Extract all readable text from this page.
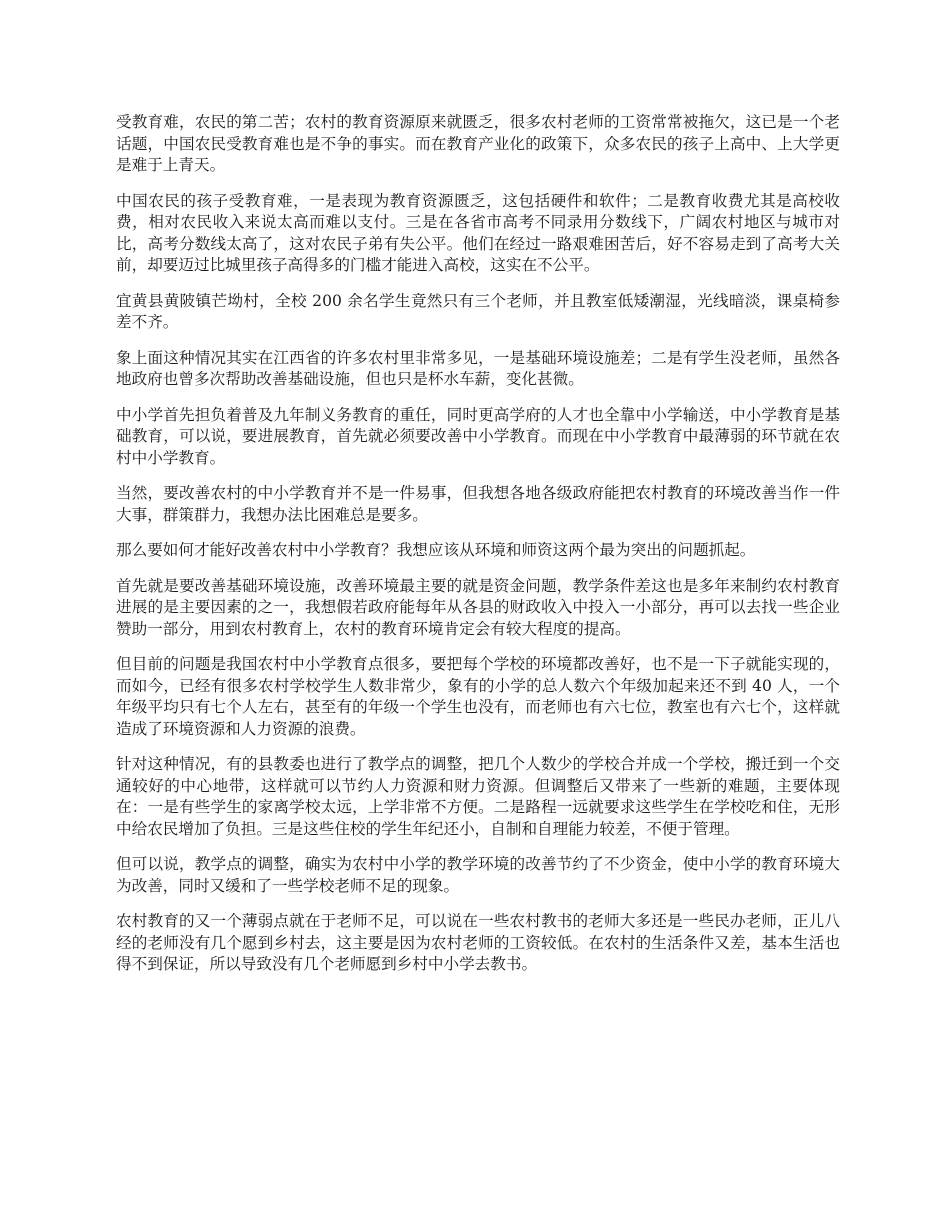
受教育难，农民的第二苦；农村的教育资源原来就匮乏，很多农村老师的工资常常被拖欠，这已是一个老话题，中国农民受教育难也是不争的事实。而在教育产业化的政策下，众多农民的孩子上高中、上大学更是难于上青天。

中国农民的孩子受教育难，一是表现为教育资源匮乏，这包括硬件和软件；二是教育收费尤其是高校收费，相对农民收入来说太高而难以支付。三是在各省市高考不同录用分数线下，广阔农村地区与城市对比，高考分数线太高了，这对农民子弟有失公平。他们在经过一路艰难困苦后，好不容易走到了高考大关前，却要迈过比城里孩子高得多的门槛才能进入高校，这实在不公平。

宜黄县黄陂镇芒坳村，全校 200 余名学生竟然只有三个老师，并且教室低矮潮湿，光线暗淡，课桌椅参差不齐。

象上面这种情况其实在江西省的许多农村里非常多见，一是基础环境设施差；二是有学生没老师，虽然各地政府也曾多次帮助改善基础设施，但也只是杯水车薪，变化甚微。

中小学首先担负着普及九年制义务教育的重任，同时更高学府的人才也全靠中小学输送，中小学教育是基础教育，可以说，要进展教育，首先就必须要改善中小学教育。而现在中小学教育中最薄弱的环节就在农村中小学教育。

当然，要改善农村的中小学教育并不是一件易事，但我想各地各级政府能把农村教育的环境改善当作一件大事，群策群力，我想办法比困难总是要多。

那么要如何才能好改善农村中小学教育？我想应该从环境和师资这两个最为突出的问题抓起。

首先就是要改善基础环境设施，改善环境最主要的就是资金问题，教学条件差这也是多年来制约农村教育进展的是主要因素的之一，我想假若政府能每年从各县的财政收入中投入一小部分，再可以去找一些企业赞助一部分，用到农村教育上，农村的教育环境肯定会有较大程度的提高。

但目前的问题是我国农村中小学教育点很多，要把每个学校的环境都改善好，也不是一下子就能实现的，而如今，已经有很多农村学校学生人数非常少，象有的小学的总人数六个年级加起来还不到 40 人，一个年级平均只有七个人左右，甚至有的年级一个学生也没有，而老师也有六七位，教室也有六七个，这样就造成了环境资源和人力资源的浪费。

针对这种情况，有的县教委也进行了教学点的调整，把几个人数少的学校合并成一个学校，搬迁到一个交通较好的中心地带，这样就可以节约人力资源和财力资源。但调整后又带来了一些新的难题，主要体现在：一是有些学生的家离学校太远，上学非常不方便。二是路程一远就要求这些学生在学校吃和住，无形中给农民增加了负担。三是这些住校的学生年纪还小，自制和自理能力较差，不便于管理。

但可以说，教学点的调整，确实为农村中小学的教学环境的改善节约了不少资金，使中小学的教育环境大为改善，同时又缓和了一些学校老师不足的现象。

农村教育的又一个薄弱点就在于老师不足，可以说在一些农村教书的老师大多还是一些民办老师，正儿八经的老师没有几个愿到乡村去，这主要是因为农村老师的工资较低。在农村的生活条件又差，基本生活也得不到保证，所以导致没有几个老师愿到乡村中小学去教书。
